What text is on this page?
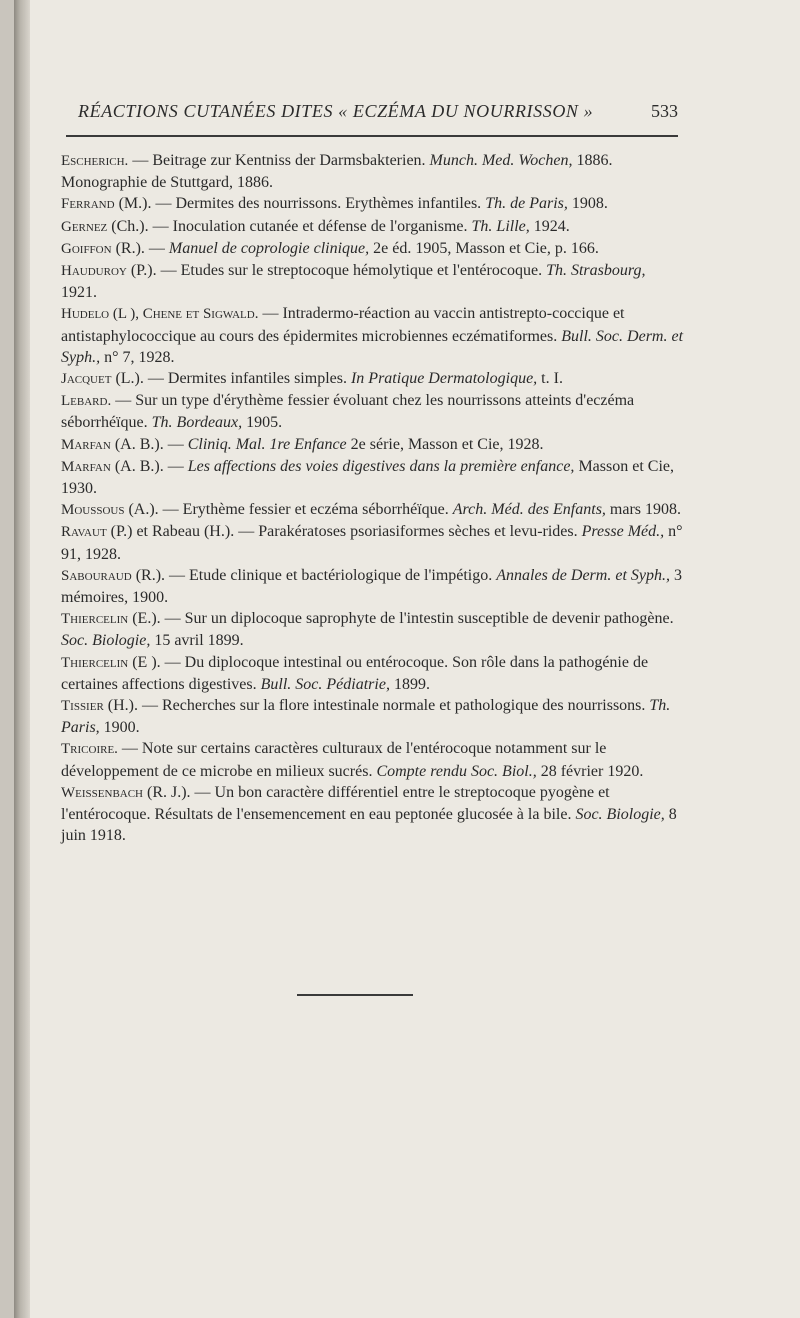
RÉACTIONS CUTANÉES DITES « ECZÉMA DU NOURRISSON »	533

Escherich. — Beitrage zur Kentniss der Darmsbakterien. Munch. Med. Wochen, 1886. Monographie de Stuttgard, 1886.

Ferrand (M.). — Dermites des nourrissons. Erythèmes infantiles. Th. de Paris, 1908.

Gernez (Ch.). — Inoculation cutanée et défense de l'organisme. Th. Lille, 1924.

Goiffon (R.). — Manuel de coprologie clinique, 2e éd. 1905, Masson et Cie, p. 166.

Hauduroy (P.). — Etudes sur le streptocoque hémolytique et l'entérocoque. Th. Strasbourg, 1921.

Hudelo (L ), Chene et Sigwald. — Intradermo-réaction au vaccin antistrepto-coccique et antistaphylococcique au cours des épidermites microbiennes eczématiformes. Bull. Soc. Derm. et Syph., n° 7, 1928.

Jacquet (L.). — Dermites infantiles simples. In Pratique Dermatologique, t. I.

Lebard. — Sur un type d'érythème fessier évoluant chez les nourrissons atteints d'eczéma séborrhéïque. Th. Bordeaux, 1905.

Marfan (A. B.). — Cliniq. Mal. 1re Enfance 2e série, Masson et Cie, 1928.

Marfan (A. B.). — Les affections des voies digestives dans la première enfance, Masson et Cie, 1930.

Moussous (A.). — Erythème fessier et eczéma séborrhéïque. Arch. Méd. des Enfants, mars 1908.

Ravaut (P.) et Rabeau (H.). — Parakératoses psoriasiformes sèches et levu-rides. Presse Méd., n° 91, 1928.

Sabouraud (R.). — Etude clinique et bactériologique de l'impétigo. Annales de Derm. et Syph., 3 mémoires, 1900.

Thiercelin (E.). — Sur un diplocoque saprophyte de l'intestin susceptible de devenir pathogène. Soc. Biologie, 15 avril 1899.

Thiercelin (E ). — Du diplocoque intestinal ou entérocoque. Son rôle dans la pathogénie de certaines affections digestives. Bull. Soc. Pédiatrie, 1899.

Tissier (H.). — Recherches sur la flore intestinale normale et pathologique des nourrissons. Th. Paris, 1900.

Tricoire. — Note sur certains caractères culturaux de l'entérocoque notamment sur le développement de ce microbe en milieux sucrés. Compte rendu Soc. Biol., 28 février 1920.

Weissenbach (R. J.). — Un bon caractère différentiel entre le streptocoque pyogène et l'entérocoque. Résultats de l'ensemencement en eau peptonée glucosée à la bile. Soc. Biologie, 8 juin 1918.
